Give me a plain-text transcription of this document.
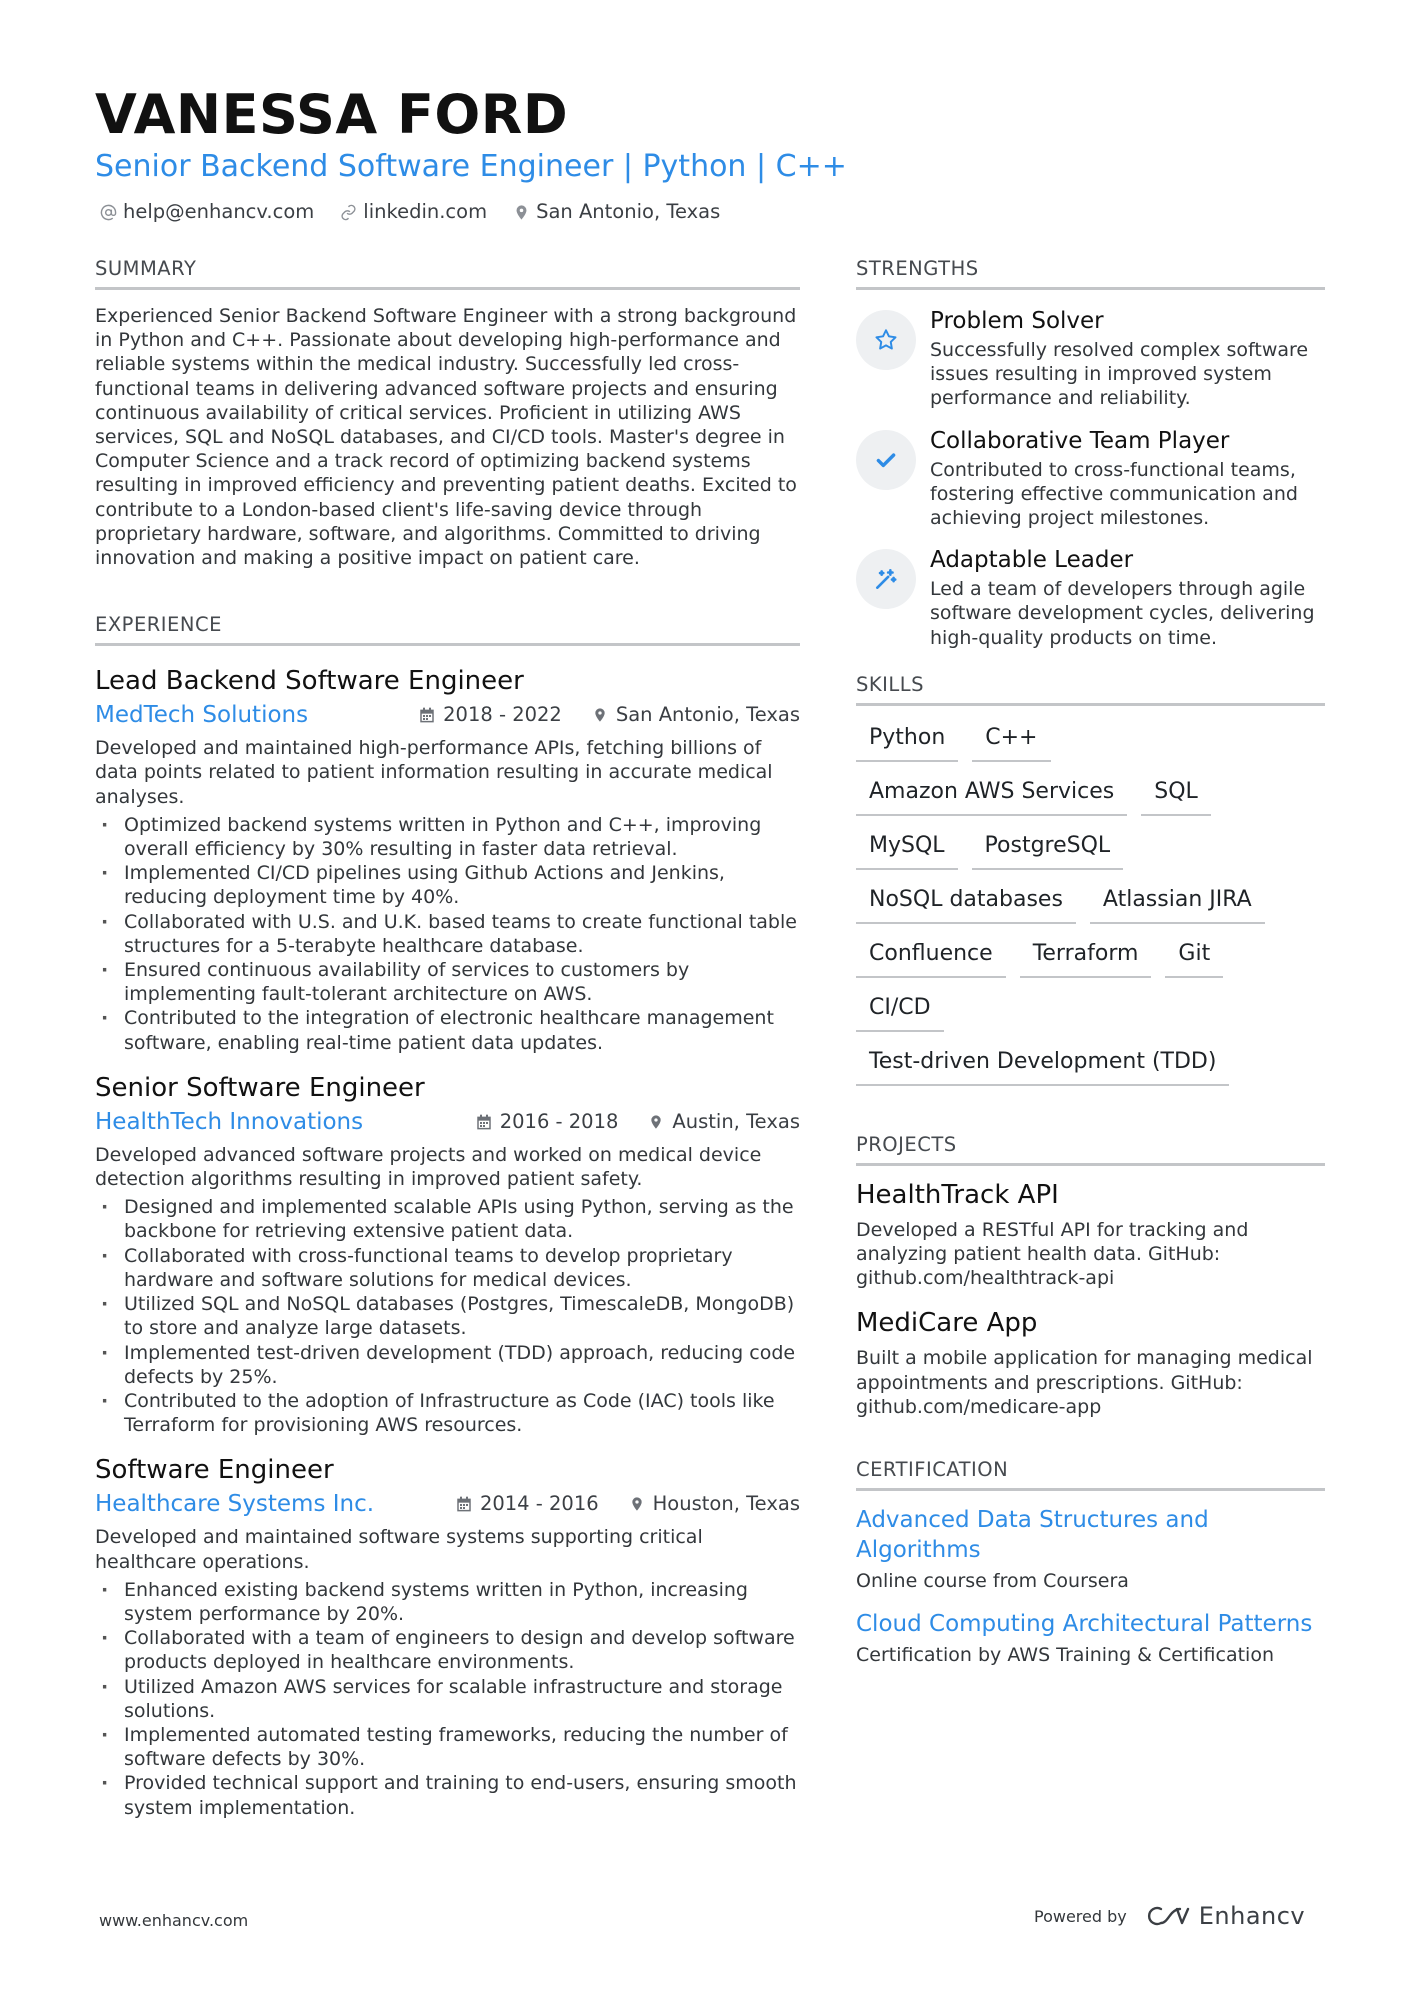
VANESSA FORD
Senior Backend Software Engineer | Python | C++
help@enhancv.com	linkedin.com	San Antonio, Texas
SUMMARY
Experienced Senior Backend Software Engineer with a strong background in Python and C++. Passionate about developing high-performance and reliable systems within the medical industry. Successfully led cross-functional teams in delivering advanced software projects and ensuring continuous availability of critical services. Proficient in utilizing AWS services, SQL and NoSQL databases, and CI/CD tools. Master's degree in Computer Science and a track record of optimizing backend systems resulting in improved efficiency and preventing patient deaths. Excited to contribute to a London-based client's life-saving device through proprietary hardware, software, and algorithms. Committed to driving innovation and making a positive impact on patient care.
EXPERIENCE
Lead Backend Software Engineer
MedTech Solutions	2018 - 2022	San Antonio, Texas
Developed and maintained high-performance APIs, fetching billions of data points related to patient information resulting in accurate medical analyses.
· Optimized backend systems written in Python and C++, improving overall efficiency by 30% resulting in faster data retrieval.
· Implemented CI/CD pipelines using Github Actions and Jenkins, reducing deployment time by 40%.
· Collaborated with U.S. and U.K. based teams to create functional table structures for a 5-terabyte healthcare database.
· Ensured continuous availability of services to customers by implementing fault-tolerant architecture on AWS.
· Contributed to the integration of electronic healthcare management software, enabling real-time patient data updates.
Senior Software Engineer
HealthTech Innovations	2016 - 2018	Austin, Texas
Developed advanced software projects and worked on medical device detection algorithms resulting in improved patient safety.
· Designed and implemented scalable APIs using Python, serving as the backbone for retrieving extensive patient data.
· Collaborated with cross-functional teams to develop proprietary hardware and software solutions for medical devices.
· Utilized SQL and NoSQL databases (Postgres, TimescaleDB, MongoDB) to store and analyze large datasets.
· Implemented test-driven development (TDD) approach, reducing code defects by 25%.
· Contributed to the adoption of Infrastructure as Code (IAC) tools like Terraform for provisioning AWS resources.
Software Engineer
Healthcare Systems Inc.	2014 - 2016	Houston, Texas
Developed and maintained software systems supporting critical healthcare operations.
· Enhanced existing backend systems written in Python, increasing system performance by 20%.
· Collaborated with a team of engineers to design and develop software products deployed in healthcare environments.
· Utilized Amazon AWS services for scalable infrastructure and storage solutions.
· Implemented automated testing frameworks, reducing the number of software defects by 30%.
· Provided technical support and training to end-users, ensuring smooth system implementation.
STRENGTHS
Problem Solver
Successfully resolved complex software issues resulting in improved system performance and reliability.
Collaborative Team Player
Contributed to cross-functional teams, fostering effective communication and achieving project milestones.
Adaptable Leader
Led a team of developers through agile software development cycles, delivering high-quality products on time.
SKILLS
Python	C++
Amazon AWS Services	SQL
MySQL	PostgreSQL
NoSQL databases	Atlassian JIRA
Confluence	Terraform	Git
CI/CD
Test-driven Development (TDD)
PROJECTS
HealthTrack API
Developed a RESTful API for tracking and analyzing patient health data. GitHub: github.com/healthtrack-api
MediCare App
Built a mobile application for managing medical appointments and prescriptions. GitHub: github.com/medicare-app
CERTIFICATION
Advanced Data Structures and Algorithms
Online course from Coursera
Cloud Computing Architectural Patterns
Certification by AWS Training & Certification
www.enhancv.com	Powered by	Enhancv
